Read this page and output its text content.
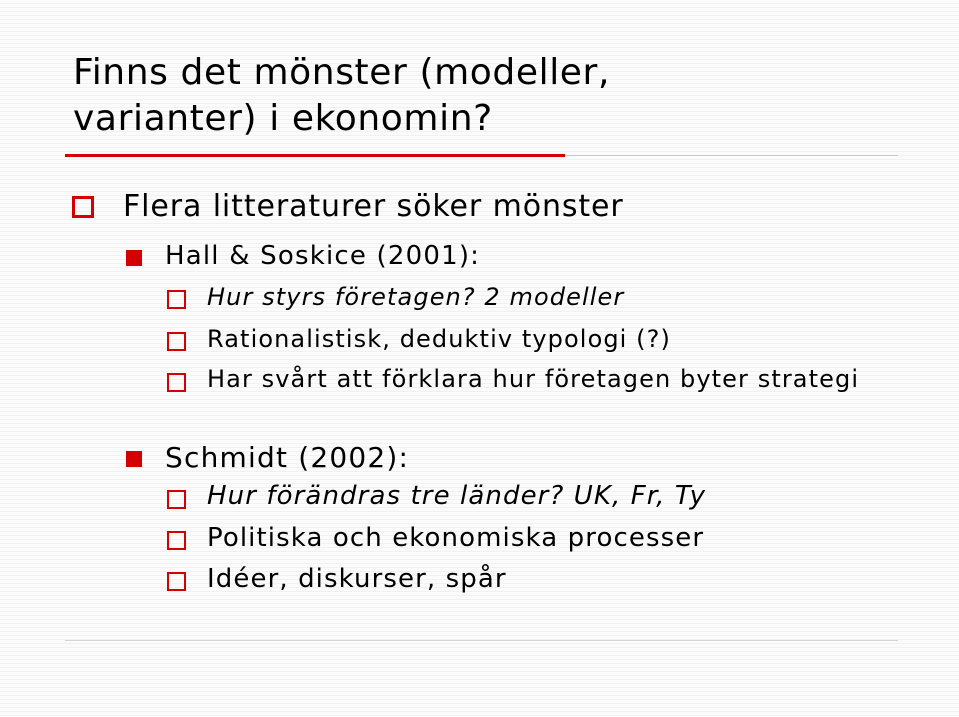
Finns det mönster (modeller,
varianter) i ekonomin?
Flera litteraturer söker mönster
Hall & Soskice (2001):
Hur styrs företagen? 2 modeller
Rationalistisk, deduktiv typologi (?)
Har svårt att förklara hur företagen byter strategi
Schmidt (2002):
Hur förändras tre länder? UK, Fr, Ty
Politiska och ekonomiska processer
Idéer, diskurser, spår
